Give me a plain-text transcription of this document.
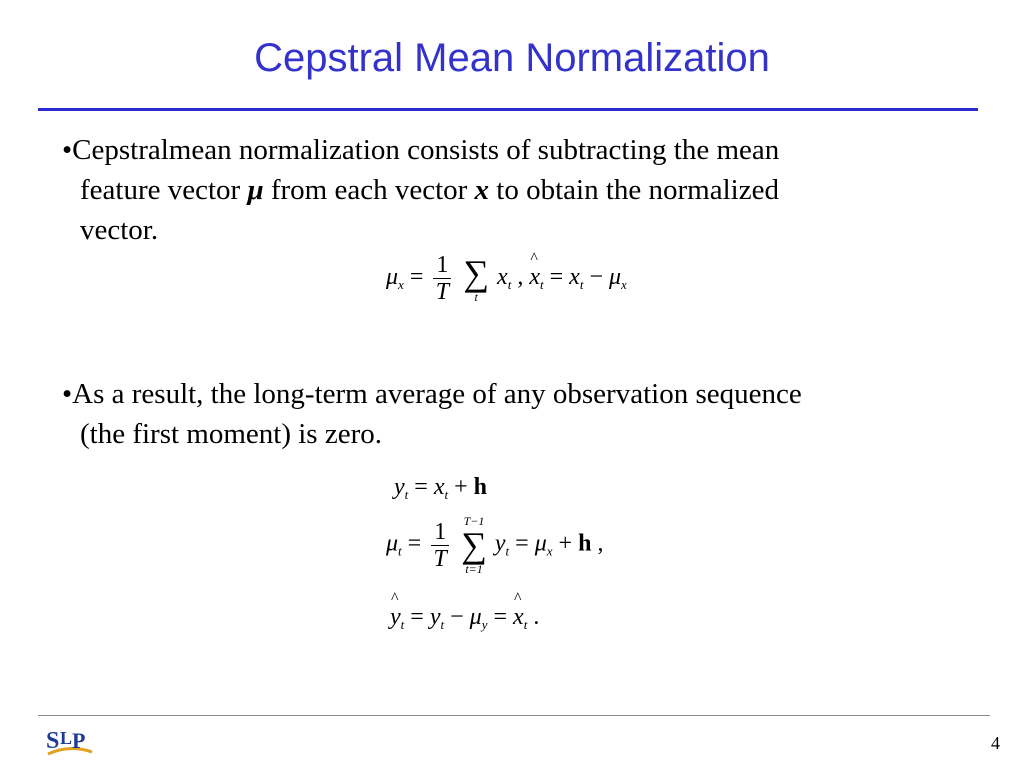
Cepstral Mean Normalization
•Cepstralmean normalization consists of subtracting the mean
feature vector μ from each vector x to obtain the normalized
vector.
$\mu_x = \frac{1}{T}$
∑
t
$x_t$ , ^ $x_t = x_t - \mu_x$
•As a result, the long-term average of any observation sequence
(the first moment) is zero.
$y_t = x_t + h$
$\mu_t = \frac{1}{T}$
T−1
∑
t=1
$y_t = \mu_x + h$ ,
^ $y_t = y_t - \mu_y$ = ^ $x_t$ .
S L P	4
